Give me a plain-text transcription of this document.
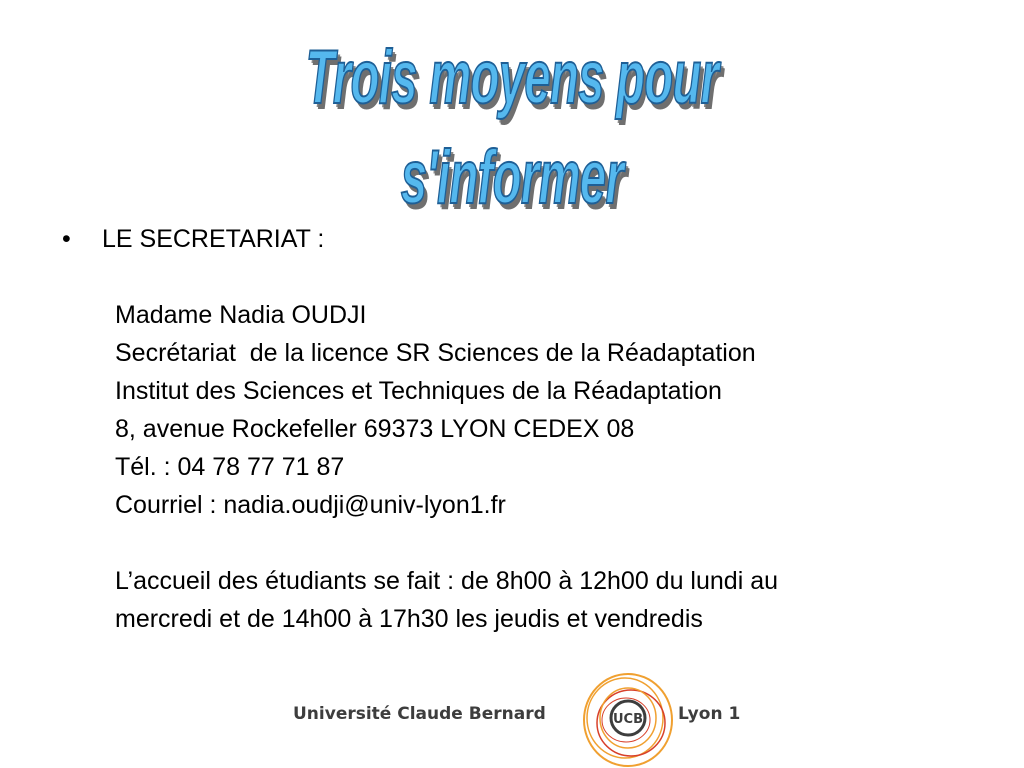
Trois moyens pour s'informer
•	LE SECRETARIAT :
Madame Nadia OUDJI
Secrétariat  de la licence SR Sciences de la Réadaptation
Institut des Sciences et Techniques de la Réadaptation
8, avenue Rockefeller 69373 LYON CEDEX 08
Tél. : 04 78 77 71 87
Courriel : nadia.oudji@univ-lyon1.fr
L’accueil des étudiants se fait : de 8h00 à 12h00 du lundi au
mercredi et de 14h00 à 17h30 les jeudis et vendredis
Université Claude Bernard	UCB Lyon 1
